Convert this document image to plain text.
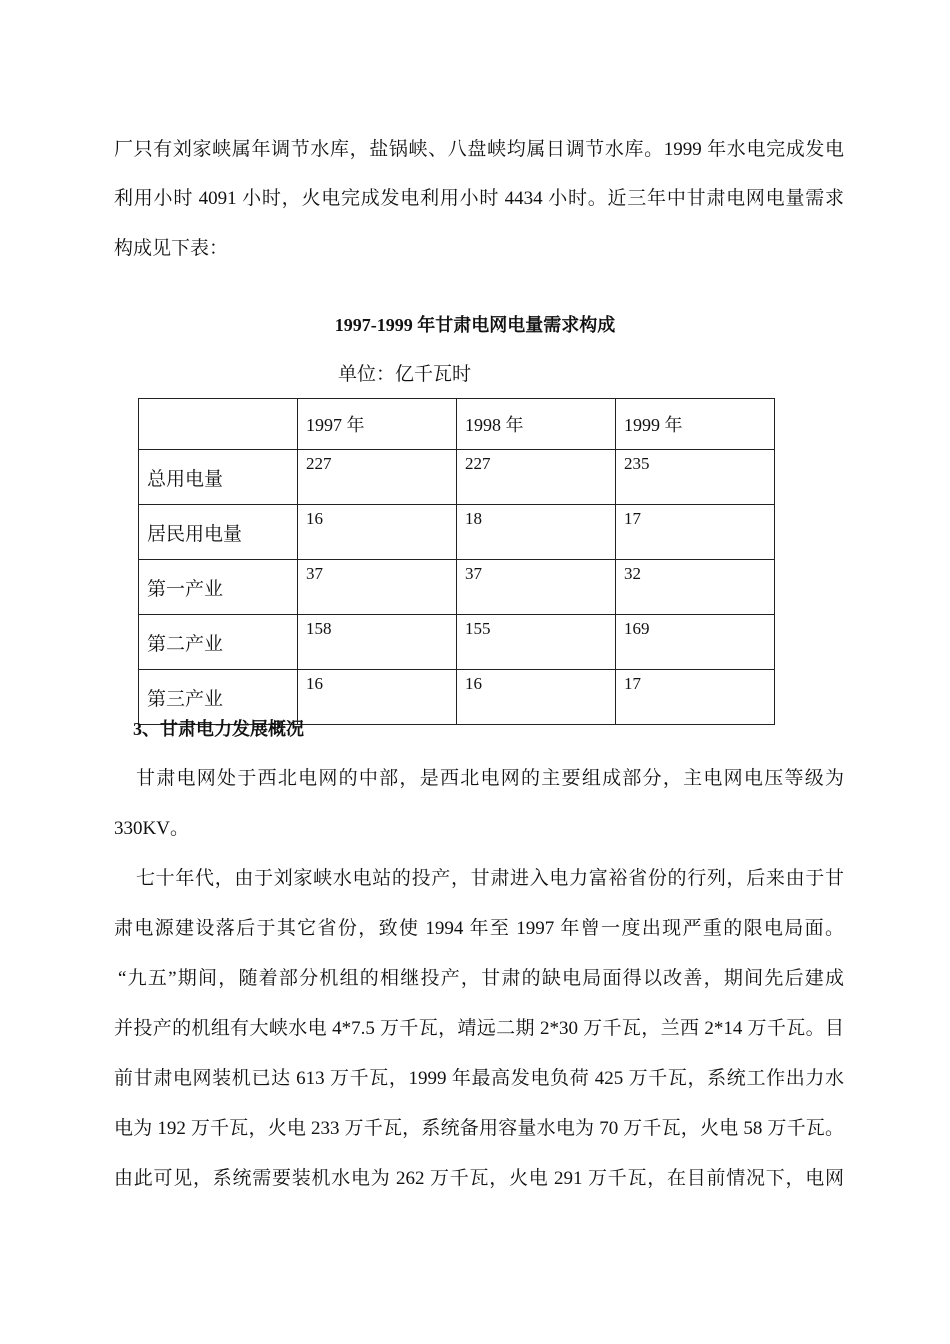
厂只有刘家峡属年调节水库，盐锅峡、八盘峡均属日调节水库。1999 年水电完成发电
利用小时 4091 小时，火电完成发电利用小时 4434 小时。近三年中甘肃电网电量需求
构成见下表：
1997-1999 年甘肃电网电量需求构成
单位：亿千瓦时
	1997 年	1998 年	1999 年
总用电量	227	227	235
居民用电量	16	18	17
第一产业	37	37	32
第二产业	158	155	169
第三产业	16	16	17
3、甘肃电力发展概况
甘肃电网处于西北电网的中部，是西北电网的主要组成部分，主电网电压等级为
330KV。
七十年代，由于刘家峡水电站的投产，甘肃进入电力富裕省份的行列，后来由于甘
肃电源建设落后于其它省份，致使 1994 年至 1997 年曾一度出现严重的限电局面。
“九五”期间，随着部分机组的相继投产，甘肃的缺电局面得以改善，期间先后建成
并投产的机组有大峡水电 4*7.5 万千瓦，靖远二期 2*30 万千瓦，兰西 2*14 万千瓦。目
前甘肃电网装机已达 613 万千瓦，1999 年最高发电负荷 425 万千瓦，系统工作出力水
电为 192 万千瓦，火电 233 万千瓦，系统备用容量水电为 70 万千瓦，火电 58 万千瓦。
由此可见，系统需要装机水电为 262 万千瓦，火电 291 万千瓦，在目前情况下，电网
